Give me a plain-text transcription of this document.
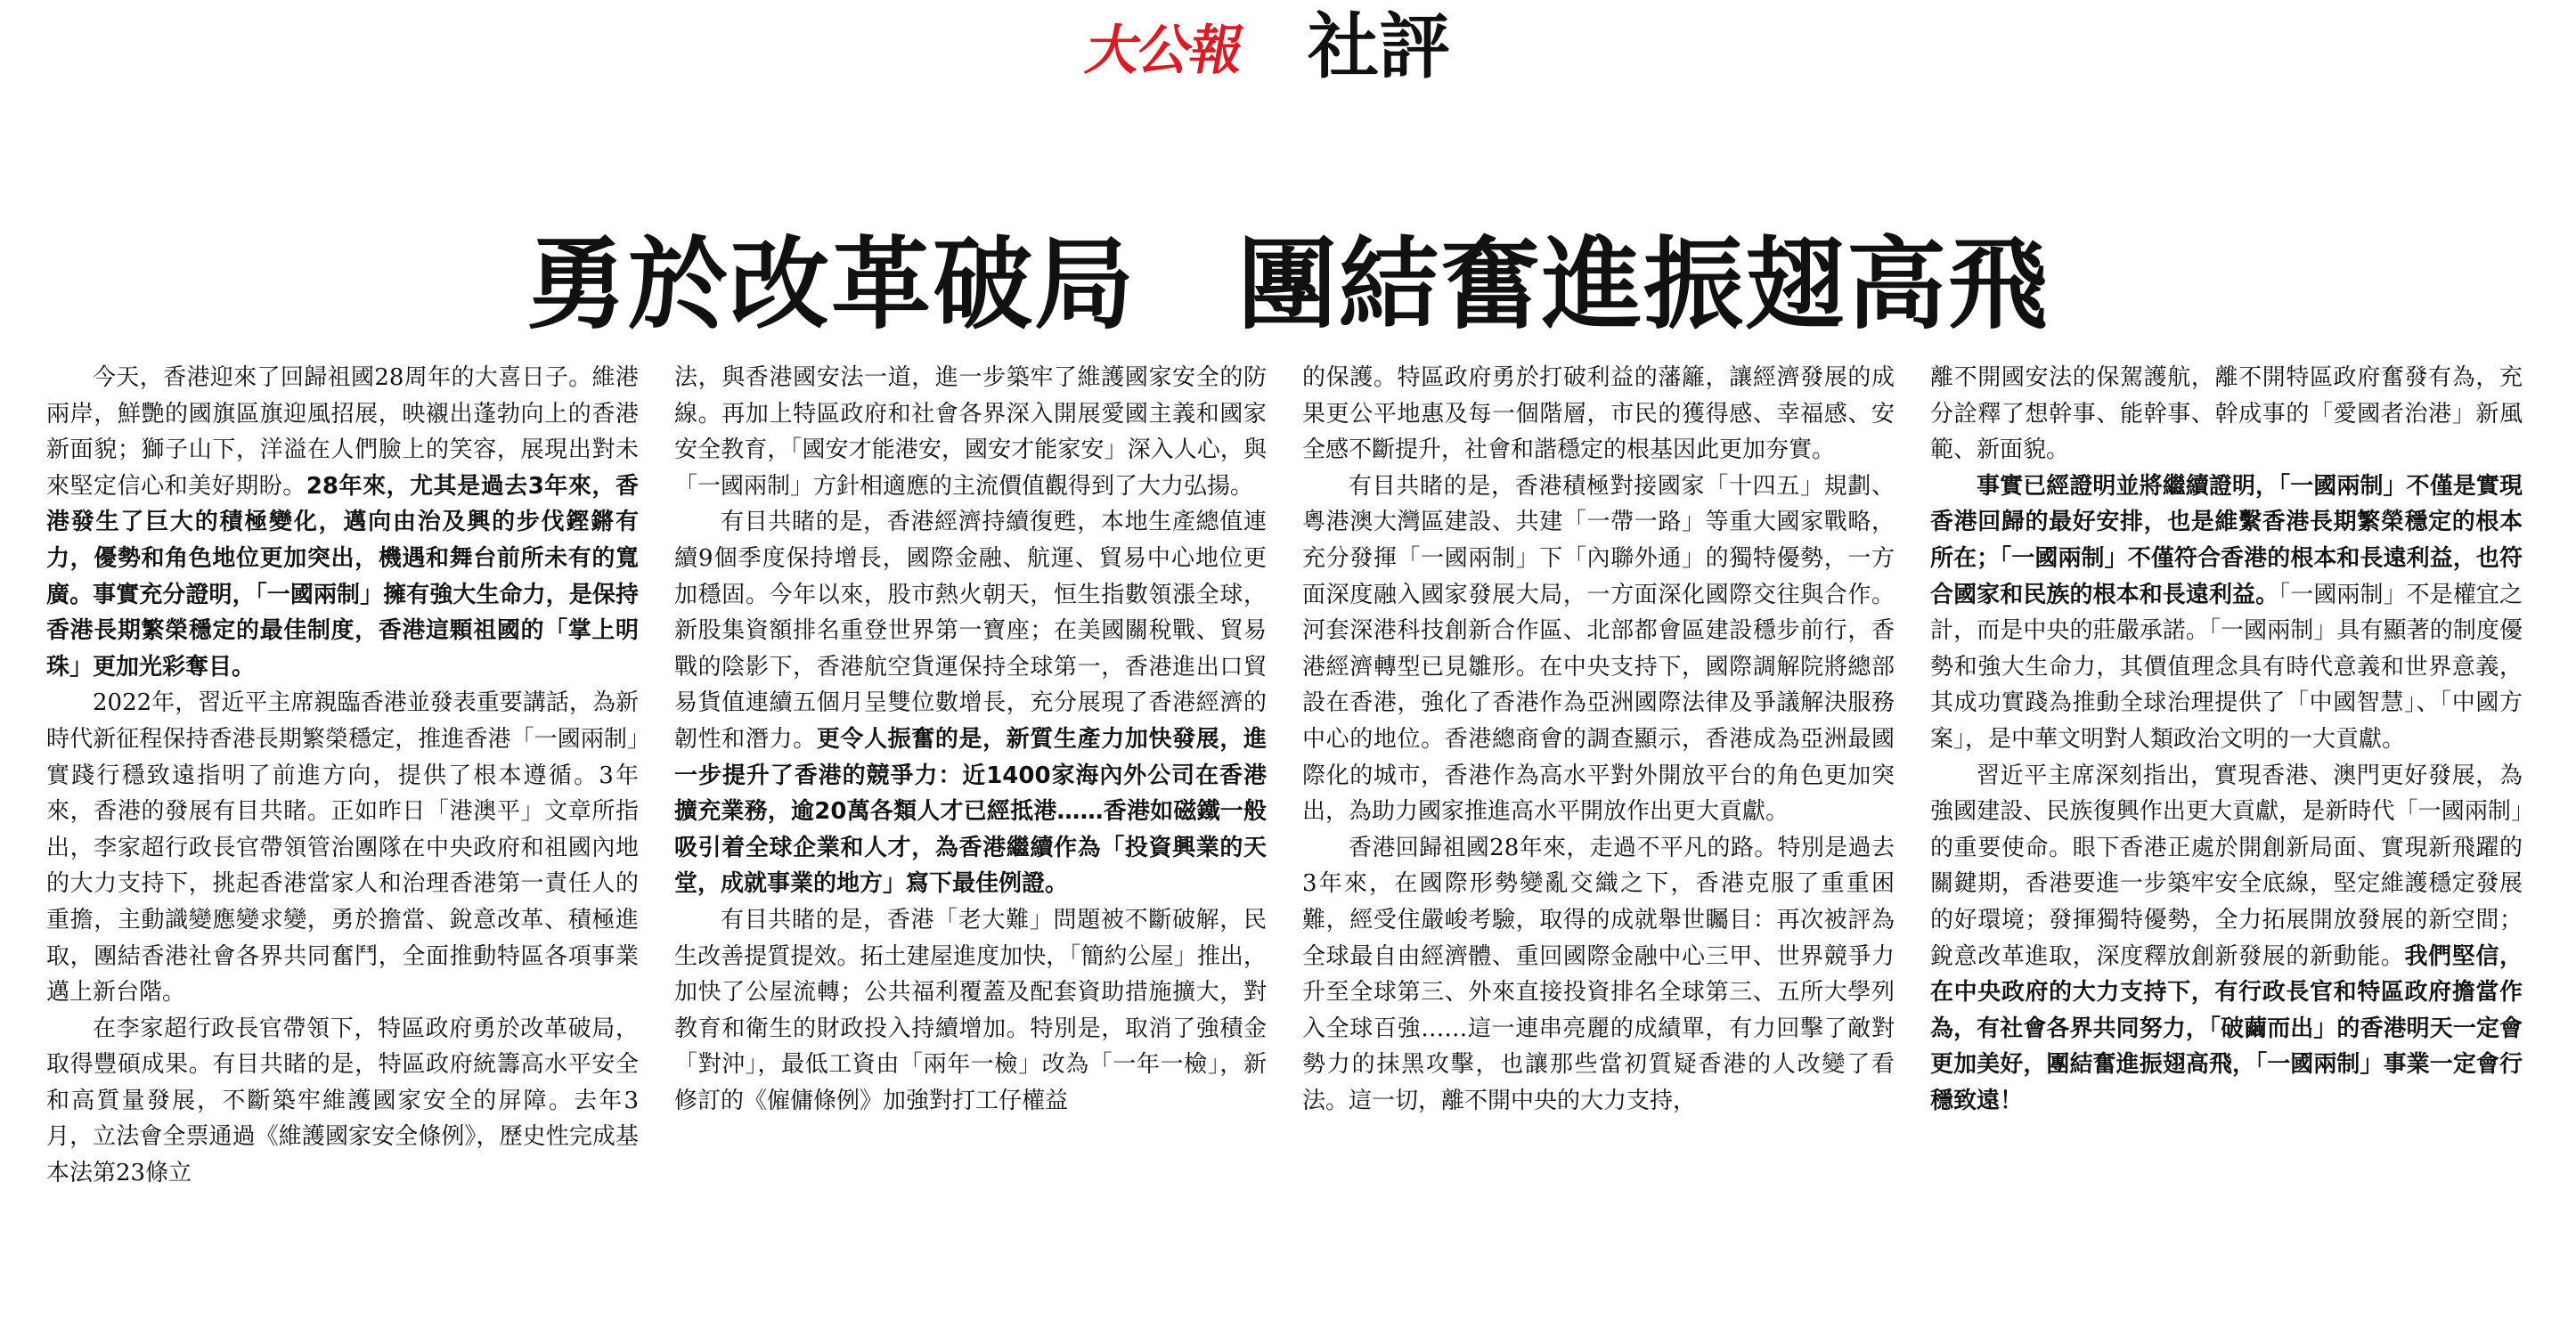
大公報 社評
勇於改革破局　團結奮進振翅高飛

今天，香港迎來了回歸祖國28周年的大喜日子。維港兩岸，鮮艷的國旗區旗迎風招展，映襯出蓬勃向上的香港新面貌；獅子山下，洋溢在人們臉上的笑容，展現出對未來堅定信心和美好期盼。28年來，尤其是過去3年來，香港發生了巨大的積極變化，邁向由治及興的步伐鏗鏘有力，優勢和角色地位更加突出，機遇和舞台前所未有的寬廣。事實充分證明，「一國兩制」擁有強大生命力，是保持香港長期繁榮穩定的最佳制度，香港這顆祖國的「掌上明珠」更加光彩奪目。

2022年，習近平主席親臨香港並發表重要講話，為新時代新征程保持香港長期繁榮穩定，推進香港「一國兩制」實踐行穩致遠指明了前進方向，提供了根本遵循。3年來，香港的發展有目共睹。正如昨日「港澳平」文章所指出，李家超行政長官帶領管治團隊在中央政府和祖國內地的大力支持下，挑起香港當家人和治理香港第一責任人的重擔，主動識變應變求變，勇於擔當、銳意改革、積極進取，團結香港社會各界共同奮鬥，全面推動特區各項事業邁上新台階。

在李家超行政長官帶領下，特區政府勇於改革破局，取得豐碩成果。有目共睹的是，特區政府統籌高水平安全和高質量發展，不斷築牢維護國家安全的屏障。去年3月，立法會全票通過《維護國家安全條例》，歷史性完成基本法第23條立

法，與香港國安法一道，進一步築牢了維護國家安全的防線。再加上特區政府和社會各界深入開展愛國主義和國家安全教育，「國安才能港安，國安才能家安」深入人心，與「一國兩制」方針相適應的主流價值觀得到了大力弘揚。

有目共睹的是，香港經濟持續復甦，本地生產總值連續9個季度保持增長，國際金融、航運、貿易中心地位更加穩固。今年以來，股市熱火朝天，恒生指數領漲全球，新股集資額排名重登世界第一寶座；在美國關稅戰、貿易戰的陰影下，香港航空貨運保持全球第一，香港進出口貿易貨值連續五個月呈雙位數增長，充分展現了香港經濟的韌性和潛力。更令人振奮的是，新質生產力加快發展，進一步提升了香港的競爭力：近1400家海內外公司在香港擴充業務，逾20萬各類人才已經抵港……香港如磁鐵一般吸引着全球企業和人才，為香港繼續作為「投資興業的天堂，成就事業的地方」寫下最佳例證。

有目共睹的是，香港「老大難」問題被不斷破解，民生改善提質提效。拓土建屋進度加快，「簡約公屋」推出，加快了公屋流轉；公共福利覆蓋及配套資助措施擴大，對教育和衛生的財政投入持續增加。特別是，取消了強積金「對沖」，最低工資由「兩年一檢」改為「一年一檢」，新修訂的《僱傭條例》加強對打工仔權益

的保護。特區政府勇於打破利益的藩籬，讓經濟發展的成果更公平地惠及每一個階層，市民的獲得感、幸福感、安全感不斷提升，社會和諧穩定的根基因此更加夯實。

有目共睹的是，香港積極對接國家「十四五」規劃、粵港澳大灣區建設、共建「一帶一路」等重大國家戰略，充分發揮「一國兩制」下「內聯外通」的獨特優勢，一方面深度融入國家發展大局，一方面深化國際交往與合作。河套深港科技創新合作區、北部都會區建設穩步前行，香港經濟轉型已見雛形。在中央支持下，國際調解院將總部設在香港，強化了香港作為亞洲國際法律及爭議解決服務中心的地位。香港總商會的調查顯示，香港成為亞洲最國際化的城市，香港作為高水平對外開放平台的角色更加突出，為助力國家推進高水平開放作出更大貢獻。

香港回歸祖國28年來，走過不平凡的路。特別是過去3年來，在國際形勢變亂交織之下，香港克服了重重困難，經受住嚴峻考驗，取得的成就舉世矚目：再次被評為全球最自由經濟體、重回國際金融中心三甲、世界競爭力升至全球第三、外來直接投資排名全球第三、五所大學列入全球百強……這一連串亮麗的成績單，有力回擊了敵對勢力的抹黑攻擊，也讓那些當初質疑香港的人改變了看法。這一切，離不開中央的大力支持，

離不開國安法的保駕護航，離不開特區政府奮發有為，充分詮釋了想幹事、能幹事、幹成事的「愛國者治港」新風範、新面貌。

事實已經證明並將繼續證明，「一國兩制」不僅是實現香港回歸的最好安排，也是維繫香港長期繁榮穩定的根本所在；「一國兩制」不僅符合香港的根本和長遠利益，也符合國家和民族的根本和長遠利益。「一國兩制」不是權宜之計，而是中央的莊嚴承諾。「一國兩制」具有顯著的制度優勢和強大生命力，其價值理念具有時代意義和世界意義，其成功實踐為推動全球治理提供了「中國智慧」、「中國方案」，是中華文明對人類政治文明的一大貢獻。

習近平主席深刻指出，實現香港、澳門更好發展，為強國建設、民族復興作出更大貢獻，是新時代「一國兩制」的重要使命。眼下香港正處於開創新局面、實現新飛躍的關鍵期，香港要進一步築牢安全底線，堅定維護穩定發展的好環境；發揮獨特優勢，全力拓展開放發展的新空間；銳意改革進取，深度釋放創新發展的新動能。我們堅信，在中央政府的大力支持下，有行政長官和特區政府擔當作為，有社會各界共同努力，「破繭而出」的香港明天一定會更加美好，團結奮進振翅高飛，「一國兩制」事業一定會行穩致遠！
